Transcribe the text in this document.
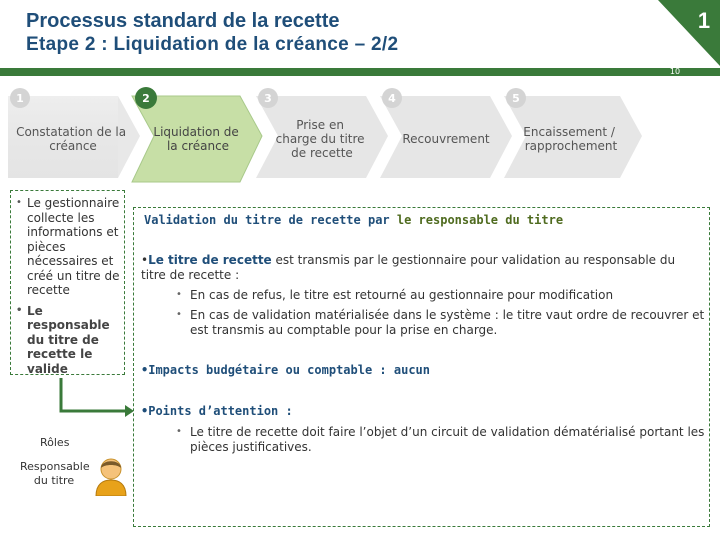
Processus standard de la recette
Etape 2 : Liquidation de la créance – 2/2
1
10
1	2	3	4	5
Constatation de la créance
Liquidation de la créance
Prise en charge du titre de recette
Recouvrement	Encaissement / rapprochement
• Le gestionnaire collecte les informations et pièces nécessaires et créé un titre de recette
• Le responsable du titre de recette le valide
Validation du titre de recette par le responsable du titre
•Le titre de recette est transmis par le gestionnaire pour validation au responsable du titre de recette :
• En cas de refus, le titre est retourné au gestionnaire pour modification
• En cas de validation matérialisée dans le système : le titre vaut ordre de recouvrer et est transmis au comptable pour la prise en charge.
•Impacts budgétaire ou comptable : aucun
•Points d’attention :
• Le titre de recette doit faire l’objet d’un circuit de validation dématérialisé portant les pièces justificatives.
Rôles
Responsable
du titre
